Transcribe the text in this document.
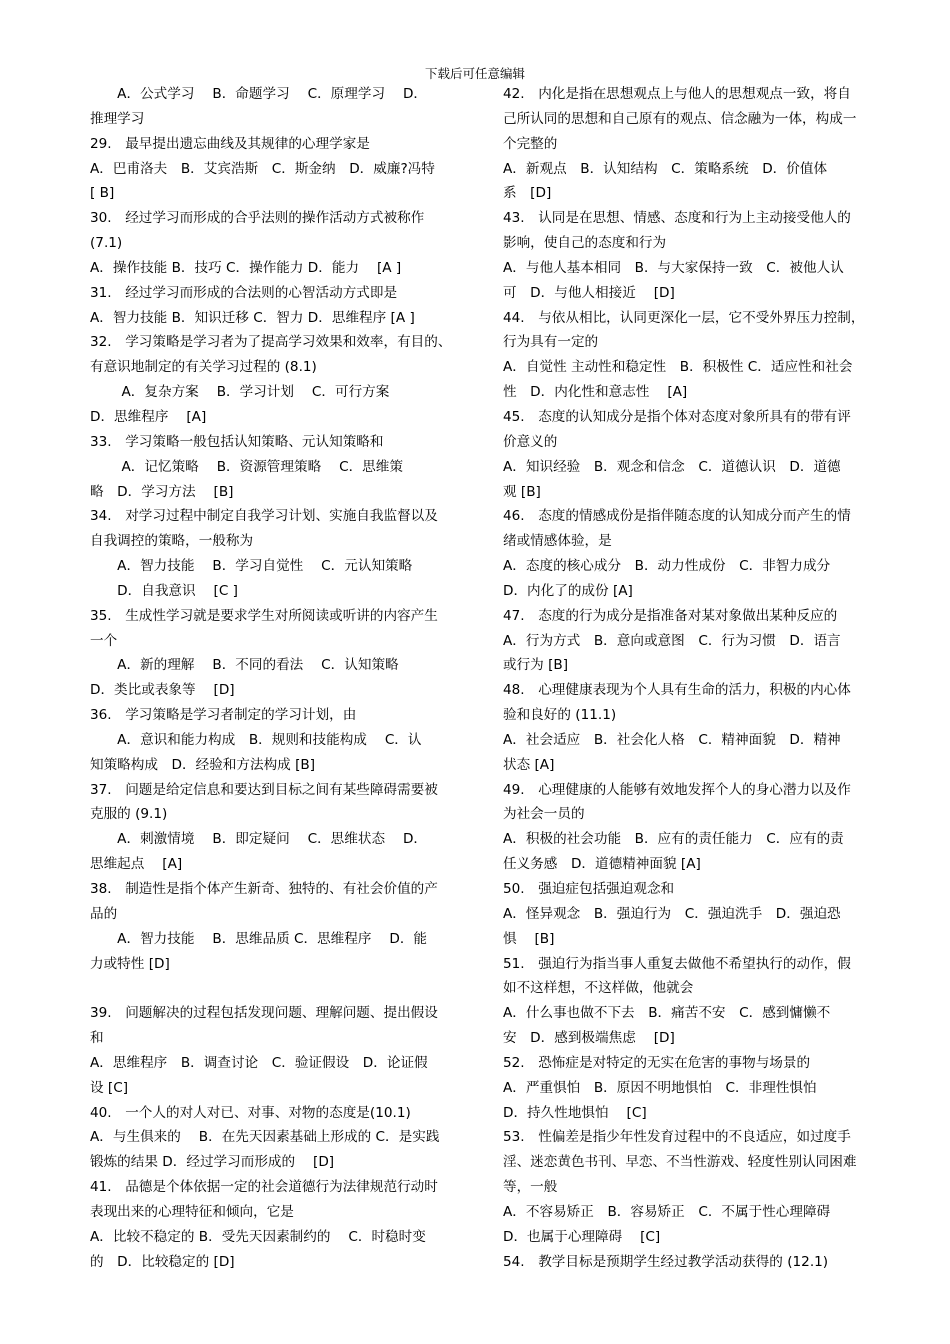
下载后可任意编辑
　　A．公式学习　 B．命题学习　 C．原理学习　 D．
推理学习
29.　最早提出遗忘曲线及其规律的心理学家是
A．巴甫洛夫　B．艾宾浩斯　C．斯金纳　D．威廉?冯特
[ B]
30.　经过学习而形成的合乎法则的操作活动方式被称作
(7.1)
A．操作技能 B．技巧 C．操作能力 D．能力　 [A ]
31.　经过学习而形成的合法则的心智活动方式即是
A．智力技能 B．知识迁移 C．智力 D．思维程序 [A ]
32.　学习策略是学习者为了提高学习效果和效率，有目的、
有意识地制定的有关学习过程的 (8.1)
　　 A．复杂方案　 B．学习计划　 C．可行方案
D．思维程序　 [A]
33.　学习策略一般包括认知策略、元认知策略和
　　 A．记忆策略　 B．资源管理策略　 C．思维策
略　D．学习方法　 [B]
34.　对学习过程中制定自我学习计划、实施自我监督以及
自我调控的策略，一般称为
　　A．智力技能　 B．学习自觉性　 C．元认知策略
　　D．自我意识　 [C ]
35.　生成性学习就是要求学生对所阅读或听讲的内容产生
一个
　　A．新的理解　 B．不同的看法　 C．认知策略
D．类比或表象等　 [D]
36.　学习策略是学习者制定的学习计划，由
　　A．意识和能力构成　B．规则和技能构成　 C．认
知策略构成　D．经验和方法构成 [B]
37.　问题是给定信息和要达到目标之间有某些障碍需要被
克服的 (9.1)
　　A．刺激情境　 B．即定疑问　 C．思维状态　 D．
思维起点　 [A]
38.　制造性是指个体产生新奇、独特的、有社会价值的产
品的
　　A．智力技能　 B．思维品质 C．思维程序　 D．能
力或特性 [D]
39.　问题解决的过程包括发现问题、理解问题、提出假设
和
A．思维程序　B．调查讨论　C．验证假设　D．论证假
设 [C]
40.　一个人的对人对已、对事、对物的态度是(10.1)
A．与生俱来的　 B．在先天因素基础上形成的 C．是实践
锻炼的结果 D．经过学习而形成的　 [D]
41.　品德是个体依据一定的社会道德行为法律规范行动时
表现出来的心理特征和倾向，它是
A．比较不稳定的 B．受先天因素制约的　 C．时稳时变
的　D．比较稳定的 [D]
42.　内化是指在思想观点上与他人的思想观点一致，将自
己所认同的思想和自己原有的观点、信念融为一体，构成一
个完整的
A．新观点　B．认知结构　C．策略系统　D．价值体
系　[D]
43.　认同是在思想、情感、态度和行为上主动接受他人的
影响，使自己的态度和行为
A．与他人基本相同　B．与大家保持一致　C．被他人认
可　D．与他人相接近　 [D]
44.　与依从相比，认同更深化一层，它不受外界压力控制，
行为具有一定的
A．自觉性 主动性和稳定性　B．积极性 C．适应性和社会
性　D．内化性和意志性　 [A]
45.　态度的认知成分是指个体对态度对象所具有的带有评
价意义的
A．知识经验　B．观念和信念　C．道德认识　D．道德
观 [B]
46.　态度的情感成份是指伴随态度的认知成分而产生的情
绪或情感体验，是
A．态度的核心成分　B．动力性成份　C．非智力成分
D．内化了的成份 [A]
47.　态度的行为成分是指准备对某对象做出某种反应的
A．行为方式　B．意向或意图　C．行为习惯　D．语言
或行为 [B]
48.　心理健康表现为个人具有生命的活力，积极的内心体
验和良好的 (11.1)
A．社会适应　B．社会化人格　C．精神面貌　D．精神
状态 [A]
49.　心理健康的人能够有效地发挥个人的身心潜力以及作
为社会一员的
A．积极的社会功能　B．应有的责任能力　C．应有的责
任义务感　D．道德精神面貌 [A]
50.　强迫症包括强迫观念和
A．怪异观念　B．强迫行为　C．强迫洗手　D．强迫恐
惧　 [B]
51.　强迫行为指当事人重复去做他不希望执行的动作，假
如不这样想，不这样做，他就会
A．什么事也做不下去　B．痛苦不安　C．感到慵懒不
安　D．感到极端焦虑　 [D]
52.　恐怖症是对特定的无实在危害的事物与场景的
A．严重惧怕　B．原因不明地惧怕　C．非理性惧怕
D．持久性地惧怕　 [C]
53.　性偏差是指少年性发育过程中的不良适应，如过度手
淫、迷恋黄色书刊、早恋、不当性游戏、轻度性别认同困难
等，一般
A．不容易矫正　B．容易矫正　C．不属于性心理障碍
D．也属于心理障碍　 [C]
54.　教学目标是预期学生经过教学活动获得的 (12.1)
